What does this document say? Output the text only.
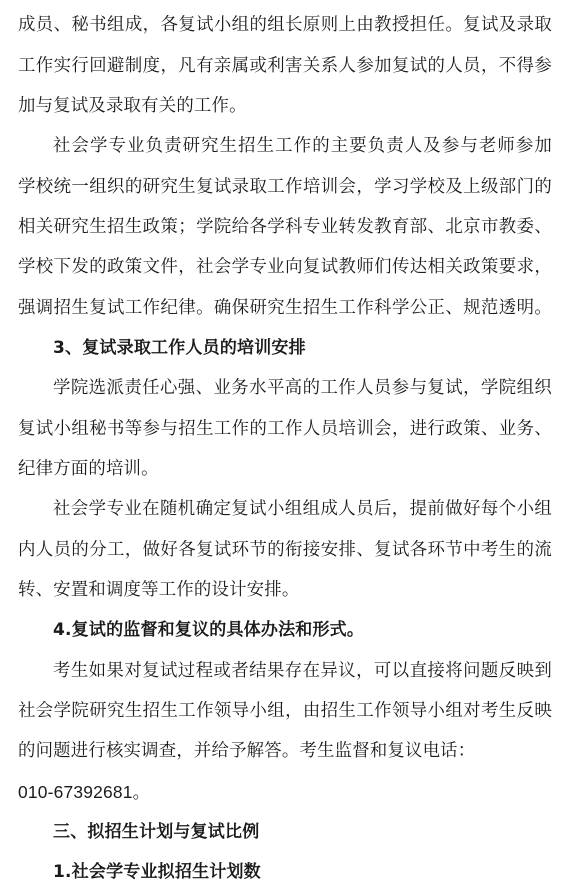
成员、秘书组成，各复试小组的组长原则上由教授担任。复试及录取
工作实行回避制度，凡有亲属或利害关系人参加复试的人员，不得参
加与复试及录取有关的工作。
社会学专业负责研究生招生工作的主要负责人及参与老师参加
学校统一组织的研究生复试录取工作培训会，学习学校及上级部门的
相关研究生招生政策；学院给各学科专业转发教育部、北京市教委、
学校下发的政策文件，社会学专业向复试教师们传达相关政策要求，
强调招生复试工作纪律。确保研究生招生工作科学公正、规范透明。
3、复试录取工作人员的培训安排
学院选派责任心强、业务水平高的工作人员参与复试，学院组织
复试小组秘书等参与招生工作的工作人员培训会，进行政策、业务、
纪律方面的培训。
社会学专业在随机确定复试小组组成人员后，提前做好每个小组
内人员的分工，做好各复试环节的衔接安排、复试各环节中考生的流
转、安置和调度等工作的设计安排。
4.复试的监督和复议的具体办法和形式。
考生如果对复试过程或者结果存在异议，可以直接将问题反映到
社会学院研究生招生工作领导小组，由招生工作领导小组对考生反映
的问题进行核实调查，并给予解答。考生监督和复议电话：
010-67392681。
三、拟招生计划与复试比例
1.社会学专业拟招生计划数
